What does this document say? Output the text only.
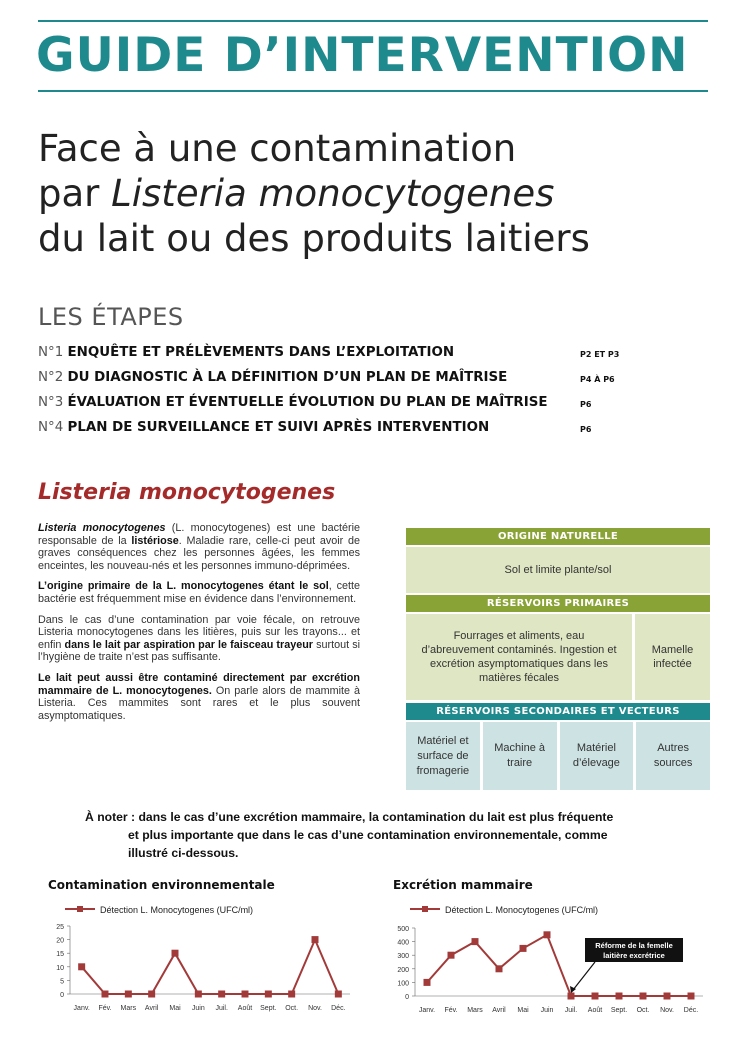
GUIDE D’INTERVENTION
Face à une contamination
par Listeria monocytogenes
du lait ou des produits laitiers
LES ÉTAPES
N°1 ENQUÊTE ET PRÉLÈVEMENTS DANS L’EXPLOITATION	P2 ET P3
N°2 DU DIAGNOSTIC À LA DÉFINITION D’UN PLAN DE MAÎTRISE	P4 À P6
N°3 ÉVALUATION ET ÉVENTUELLE ÉVOLUTION DU PLAN DE MAÎTRISE	P6
N°4 PLAN DE SURVEILLANCE ET SUIVI APRÈS INTERVENTION	P6
Listeria monocytogenes

Listeria monocytogenes (L. monocytogenes) est une bactérie responsable de la listériose. Maladie rare, celle-ci peut avoir de graves conséquences chez les personnes âgées, les femmes enceintes, les nouveau-nés et les personnes immuno-déprimées.

L’origine primaire de la L. monocytogenes étant le sol, cette bactérie est fréquemment mise en évidence dans l’environnement.

Dans le cas d’une contamination par voie fécale, on retrouve Listeria monocytogenes dans les litières, puis sur les trayons... et enfin dans le lait par aspiration par le faisceau trayeur surtout si l’hygiène de traite n’est pas suffisante.

Le lait peut aussi être contaminé directement par excrétion mammaire de L. monocytogenes. On parle alors de mammite à Listeria. Ces mammites sont rares et le plus souvent asymptomatiques.

ORIGINE NATURELLE
Sol et limite plante/sol
RÉSERVOIRS PRIMAIRES
Fourrages et aliments, eau d’abreuvement contaminés. Ingestion et excrétion asymptomatiques dans les matières fécales
Mamelle infectée
RÉSERVOIRS SECONDAIRES ET VECTEURS
Matériel et surface de fromagerie
Machine à traire
Matériel d’élevage
Autres sources
À noter : dans le cas d’une excrétion mammaire, la contamination du lait est plus fréquente
et plus importante que dans le cas d’une contamination environnementale, comme
illustré ci-dessous.
Contamination environnementale	Excrétion mammaire
Détection L. Monocytogenes (UFC/ml)
0
5
10
15
20
25
Janv. Fév. Mars Avril Mai Juin Juil. Août Sept. Oct. Nov. Déc.
Détection L. Monocytogenes (UFC/ml)
0
100
200
300
400
500
Janv. Fév. Mars Avril Mai Juin Juil. Août Sept. Oct. Nov. Déc.
Réforme de la femelle
laitière excrétrice
